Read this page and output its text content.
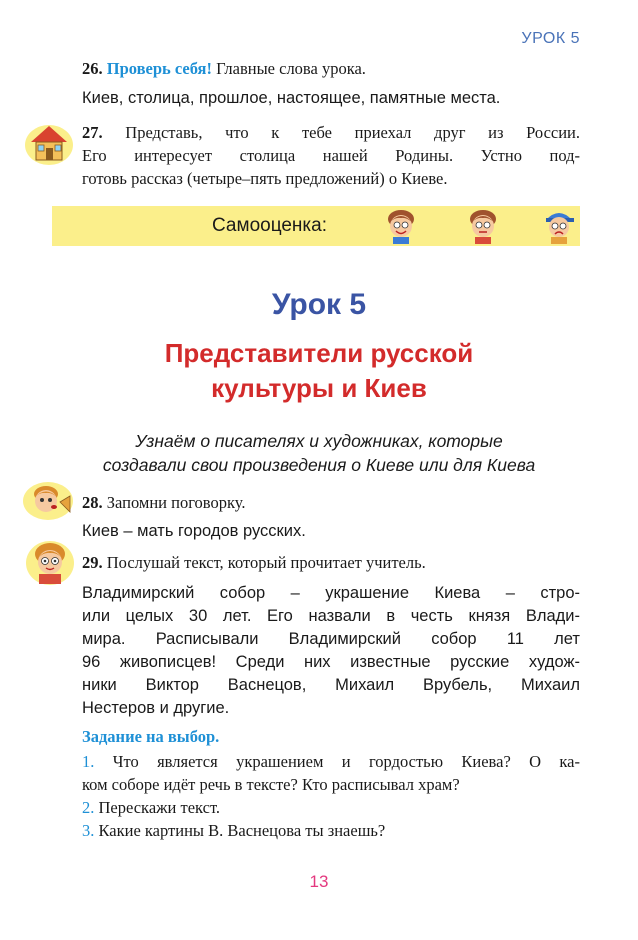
УРОК 5
26. Проверь себя! Главные слова урока.
Киев, столица, прошлое, настоящее, памятные места.
27. Представь, что к тебе приехал друг из России.
Его интересует столица нашей Родины. Устно под-
готовь рассказ (четыре–пять предложений) о Киеве.
Самооценка:
Урок 5
Представители русской
культуры и Киев
Узнаём о писателях и художниках, которые
создавали свои произведения о Киеве или для Киева
28. Запомни поговорку.
Киев – мать городов русских.
29. Послушай текст, который прочитает учитель.
Владимирский собор – украшение Киева – стро-
или целых 30 лет. Его назвали в честь князя Влади-
мира. Расписывали Владимирский собор 11 лет
96 живописцев! Среди них известные русские худож-
ники Виктор Васнецов, Михаил Врубель, Михаил
Нестеров и другие.
Задание на выбор.
1. Что является украшением и гордостью Киева? О ка-
ком соборе идёт речь в тексте? Кто расписывал храм?
2. Перескажи текст.
3. Какие картины В. Васнецова ты знаешь?
13
